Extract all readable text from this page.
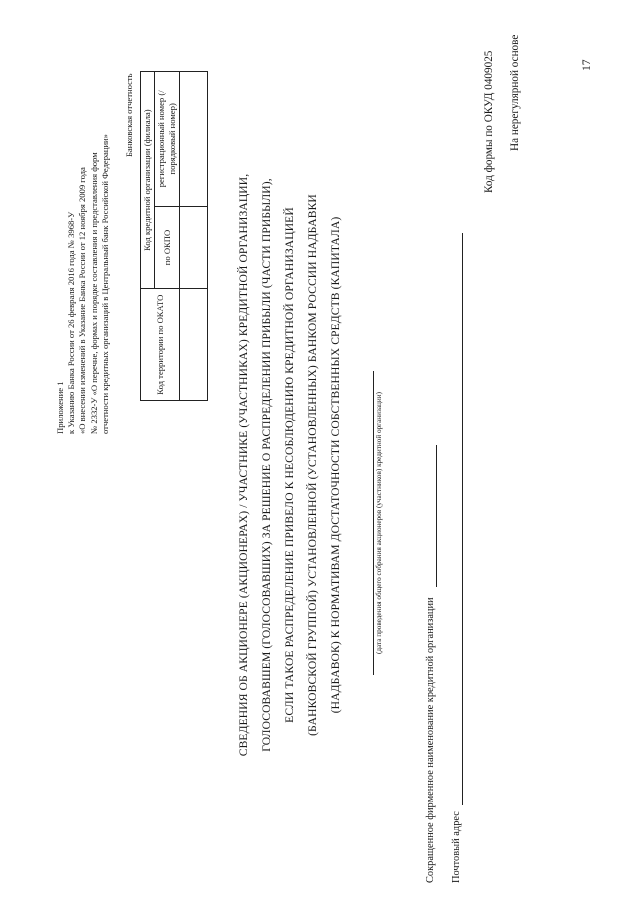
Приложение 1 к Указанию Банка России от 26 февраля 2016 года № 3968-У «О внесении изменений в Указание Банка России от 12 ноября 2009 года № 2332-У «О перечне, формах и порядке составления и представления форм отчетности кредитных организаций в Центральный банк Российской Федерации»
Банковская отчетность
Код территории по ОКАТО	Код кредитной организации (филиала)	
	по ОКПО	регистрационный номер (/порядковый номер)

СВЕДЕНИЯ ОБ АКЦИОНЕРЕ (АКЦИОНЕРАХ) / УЧАСТНИКЕ (УЧАСТНИКАХ) КРЕДИТНОЙ ОРГАНИЗАЦИИ, ГОЛОСОВАВШЕМ (ГОЛОСОВАВШИХ) ЗА РЕШЕНИЕ О РАСПРЕДЕЛЕНИИ ПРИБЫЛИ (ЧАСТИ ПРИБЫЛИ), ЕСЛИ ТАКОЕ РАСПРЕДЕЛЕНИЕ ПРИВЕЛО К НЕСОБЛЮДЕНИЮ КРЕДИТНОЙ ОРГАНИЗАЦИЕЙ (БАНКОВСКОЙ ГРУППОЙ) УСТАНОВЛЕННОЙ (УСТАНОВЛЕННЫХ) БАНКОМ РОССИИ НАДБАВКИ (НАДБАВОК) К НОРМАТИВАМ ДОСТАТОЧНОСТИ СОБСТВЕННЫХ СРЕДСТВ (КАПИТАЛА)	(дата проведения общего собрания акционеров (участников) кредитной организации)
Сокращенное фирменное наименование кредитной организации Почтовый адрес
Код формы по ОКУД 0409025 На нерегулярной основе	17
